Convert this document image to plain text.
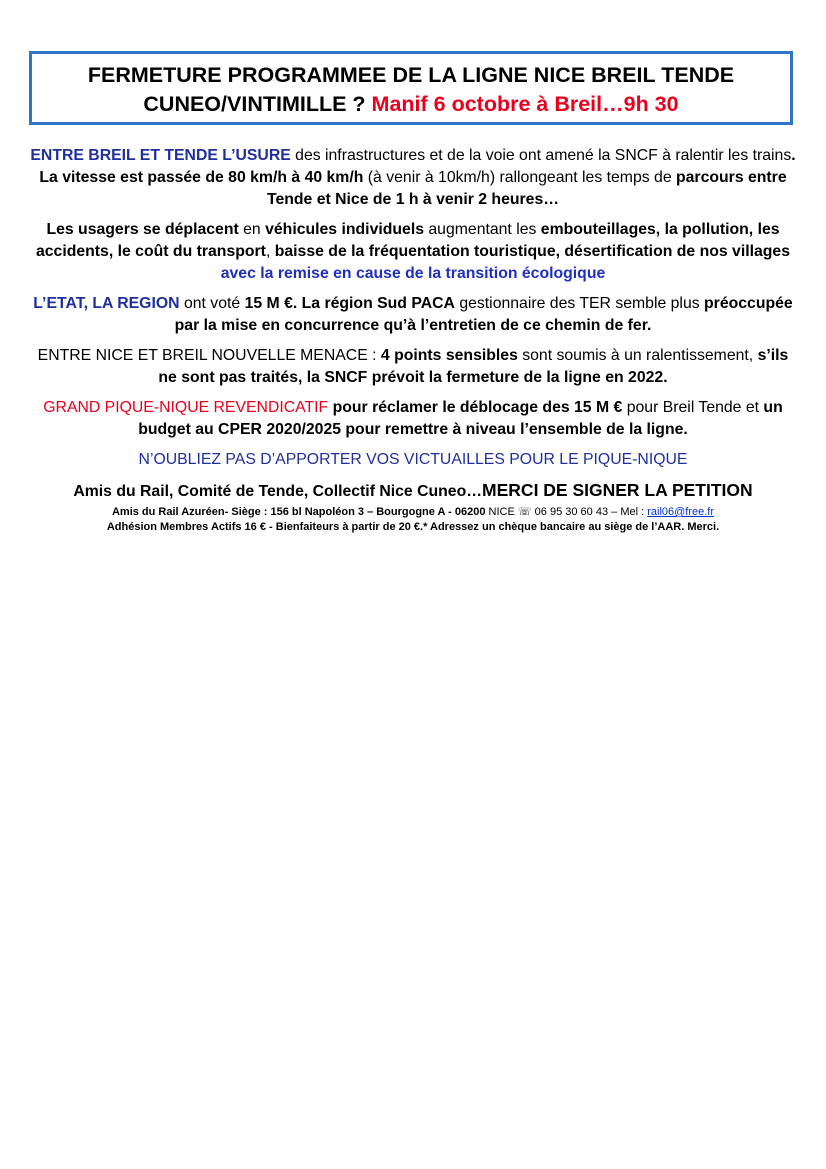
FERMETURE PROGRAMMEE DE LA LIGNE NICE BREIL TENDE
CUNEO/VINTIMILLE ? Manif 6 octobre à Breil…9h 30

ENTRE BREIL ET TENDE L’USURE des infrastructures et de la voie ont amené la SNCF à ralentir les trains. La vitesse est passée de 80 km/h à 40 km/h (à venir à 10km/h) rallongeant les temps de parcours entre Tende et Nice de 1 h à venir 2 heures…

Les usagers se déplacent en véhicules individuels augmentant les embouteillages, la pollution, les accidents, le coût du transport, baisse de la fréquentation touristique, désertification de nos villages avec la remise en cause de la transition écologique

L’ETAT, LA REGION ont voté 15 M €. La région Sud PACA gestionnaire des TER semble plus préoccupée par la mise en concurrence qu’à l’entretien de ce chemin de fer.

ENTRE NICE ET BREIL NOUVELLE MENACE : 4 points sensibles sont soumis à un ralentissement, s’ils ne sont pas traités, la SNCF prévoit la fermeture de la ligne en 2022.

GRAND PIQUE-NIQUE REVENDICATIF pour réclamer le déblocage des 15 M € pour Breil Tende et un budget au CPER 2020/2025 pour remettre à niveau l’ensemble de la ligne.

N’OUBLIEZ PAS D’APPORTER VOS VICTUAILLES POUR LE PIQUE-NIQUE

Amis du Rail, Comité de Tende, Collectif Nice Cuneo…MERCI DE SIGNER LA PETITION

Amis du Rail Azuréen- Siège : 156 bl Napoléon 3 – Bourgogne A - 06200 NICE ☏ 06 95 30 60 43 – Mel : rail06@free.fr

Adhésion Membres Actifs 16 € - Bienfaiteurs à partir de 20 €.* Adressez un chèque bancaire au siège de l’AAR. Merci.
